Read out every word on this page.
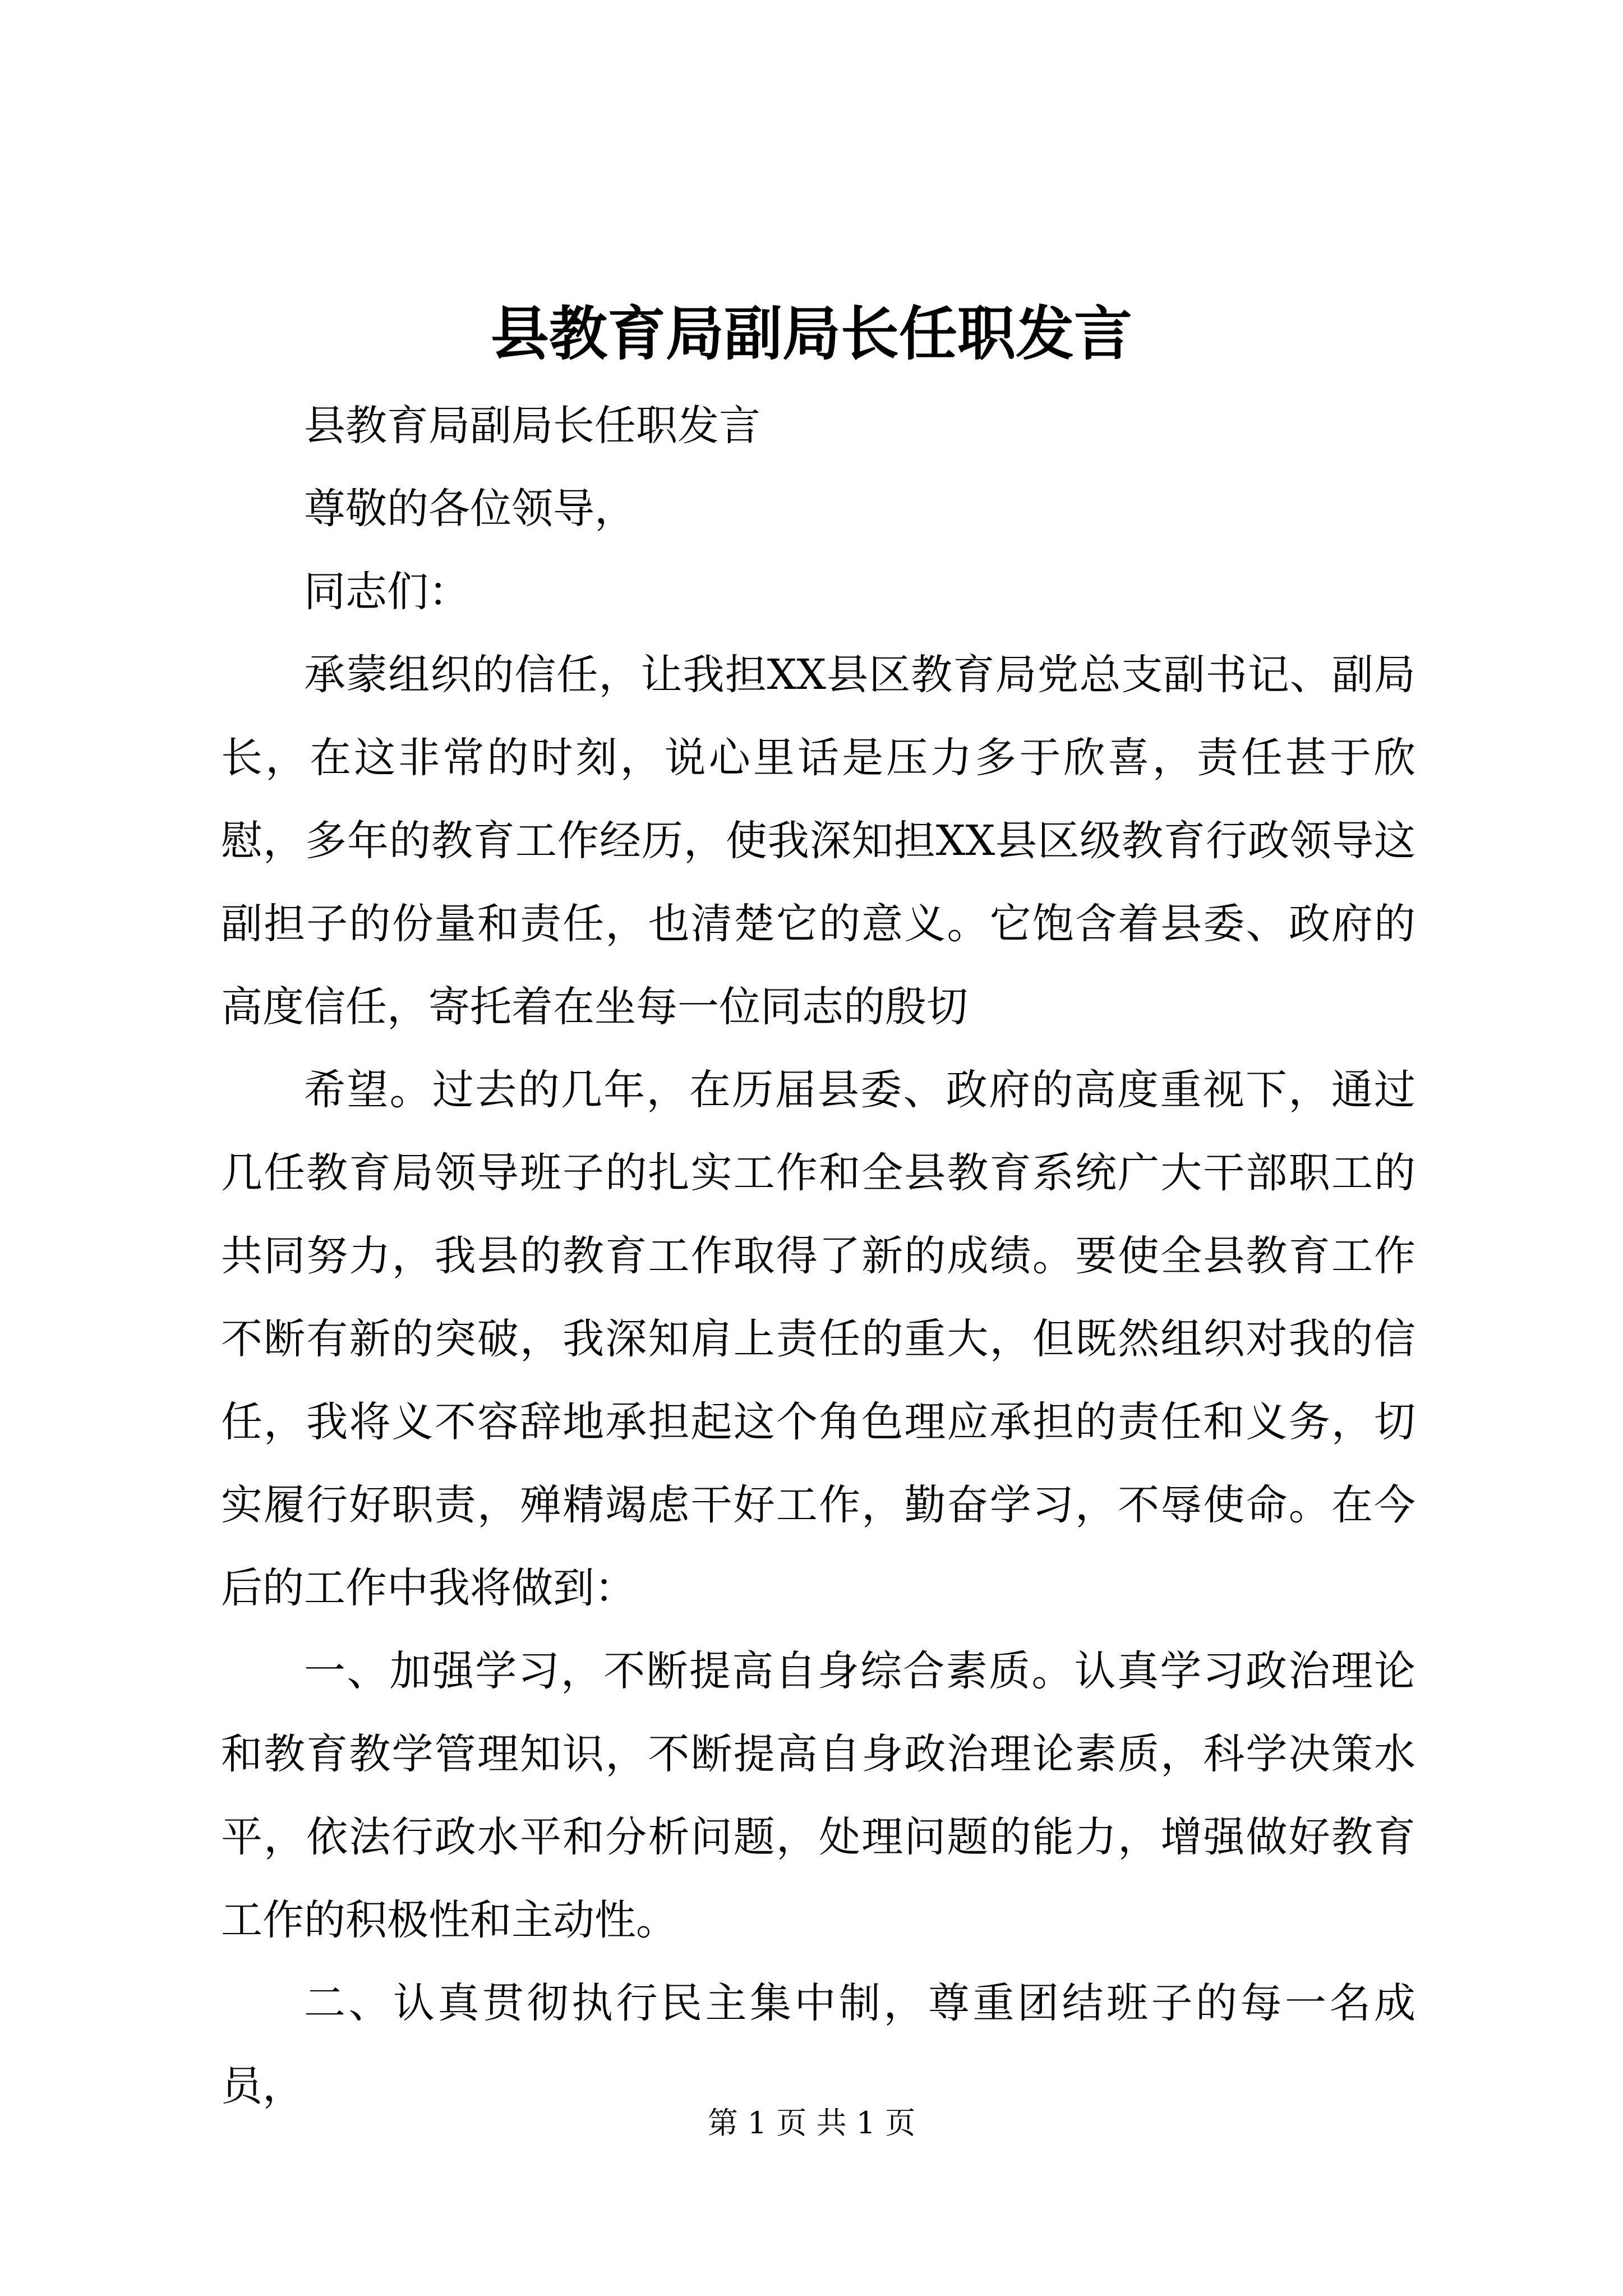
县教育局副局长任职发言

县教育局副局长任职发言

尊敬的各位领导，

同志们：

承蒙组织的信任，让我担XX县区教育局党总支副书记、副局长，在这非常的时刻，说心里话是压力多于欣喜，责任甚于欣慰，多年的教育工作经历，使我深知担XX县区级教育行政领导这副担子的份量和责任，也清楚它的意义。它饱含着县委、政府的高度信任，寄托着在坐每一位同志的殷切

希望。过去的几年，在历届县委、政府的高度重视下，通过几任教育局领导班子的扎实工作和全县教育系统广大干部职工的共同努力，我县的教育工作取得了新的成绩。要使全县教育工作不断有新的突破，我深知肩上责任的重大，但既然组织对我的信任，我将义不容辞地承担起这个角色理应承担的责任和义务，切实履行好职责，殚精竭虑干好工作，勤奋学习，不辱使命。在今后的工作中我将做到：

一、加强学习，不断提高自身综合素质。认真学习政治理论和教育教学管理知识，不断提高自身政治理论素质，科学决策水平，依法行政水平和分析问题，处理问题的能力，增强做好教育工作的积极性和主动性。

二、认真贯彻执行民主集中制，尊重团结班子的每一名成员，

第 1 页 共 1 页
